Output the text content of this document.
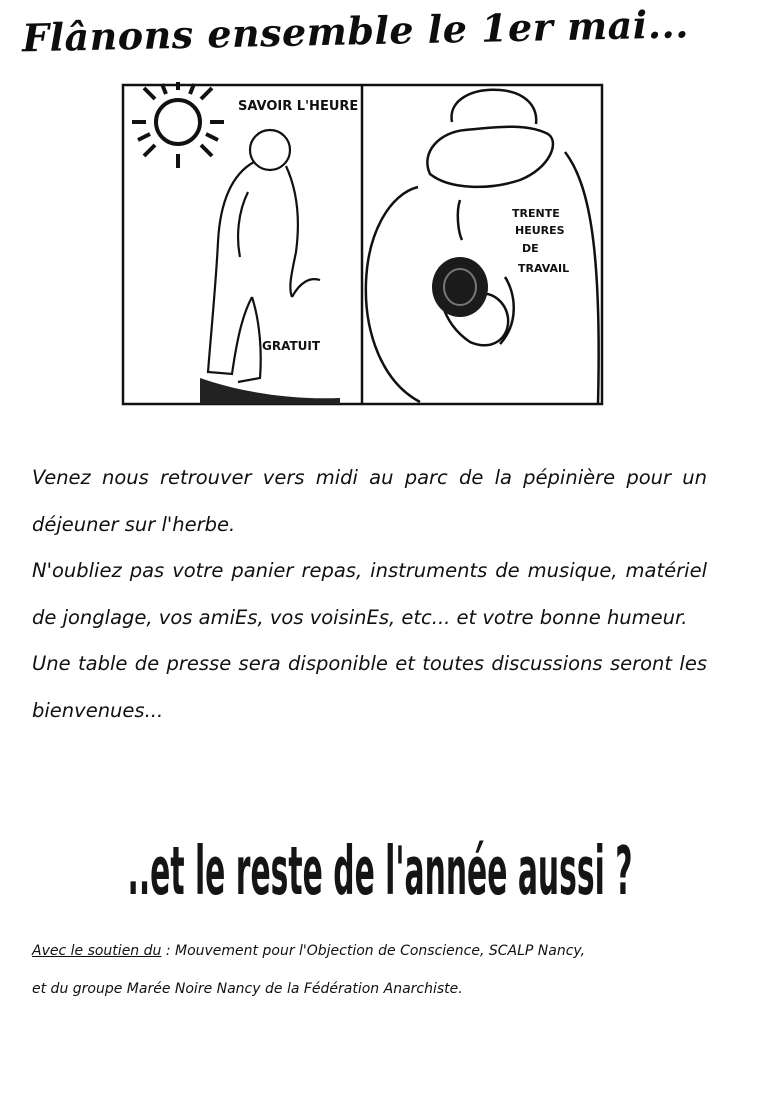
Flânons ensemble le 1er mai...
SAVOIR L'HEURE
GRATUIT
TRENTE
HEURES
DE
TRAVAIL

Venez nous retrouver vers midi au parc de la pépinière pour un déjeuner sur l'herbe.

N'oubliez pas votre panier repas, instruments de musique, matériel de jonglage, vos amiEs, vos voisinEs, etc... et votre bonne humeur.

Une table de presse sera disponible et toutes discussions seront les bienvenues...

..et le reste de l'année aussi ?

Avec le soutien du : Mouvement pour l'Objection de Conscience, SCALP Nancy,

et du groupe Marée Noire Nancy de la Fédération Anarchiste.
